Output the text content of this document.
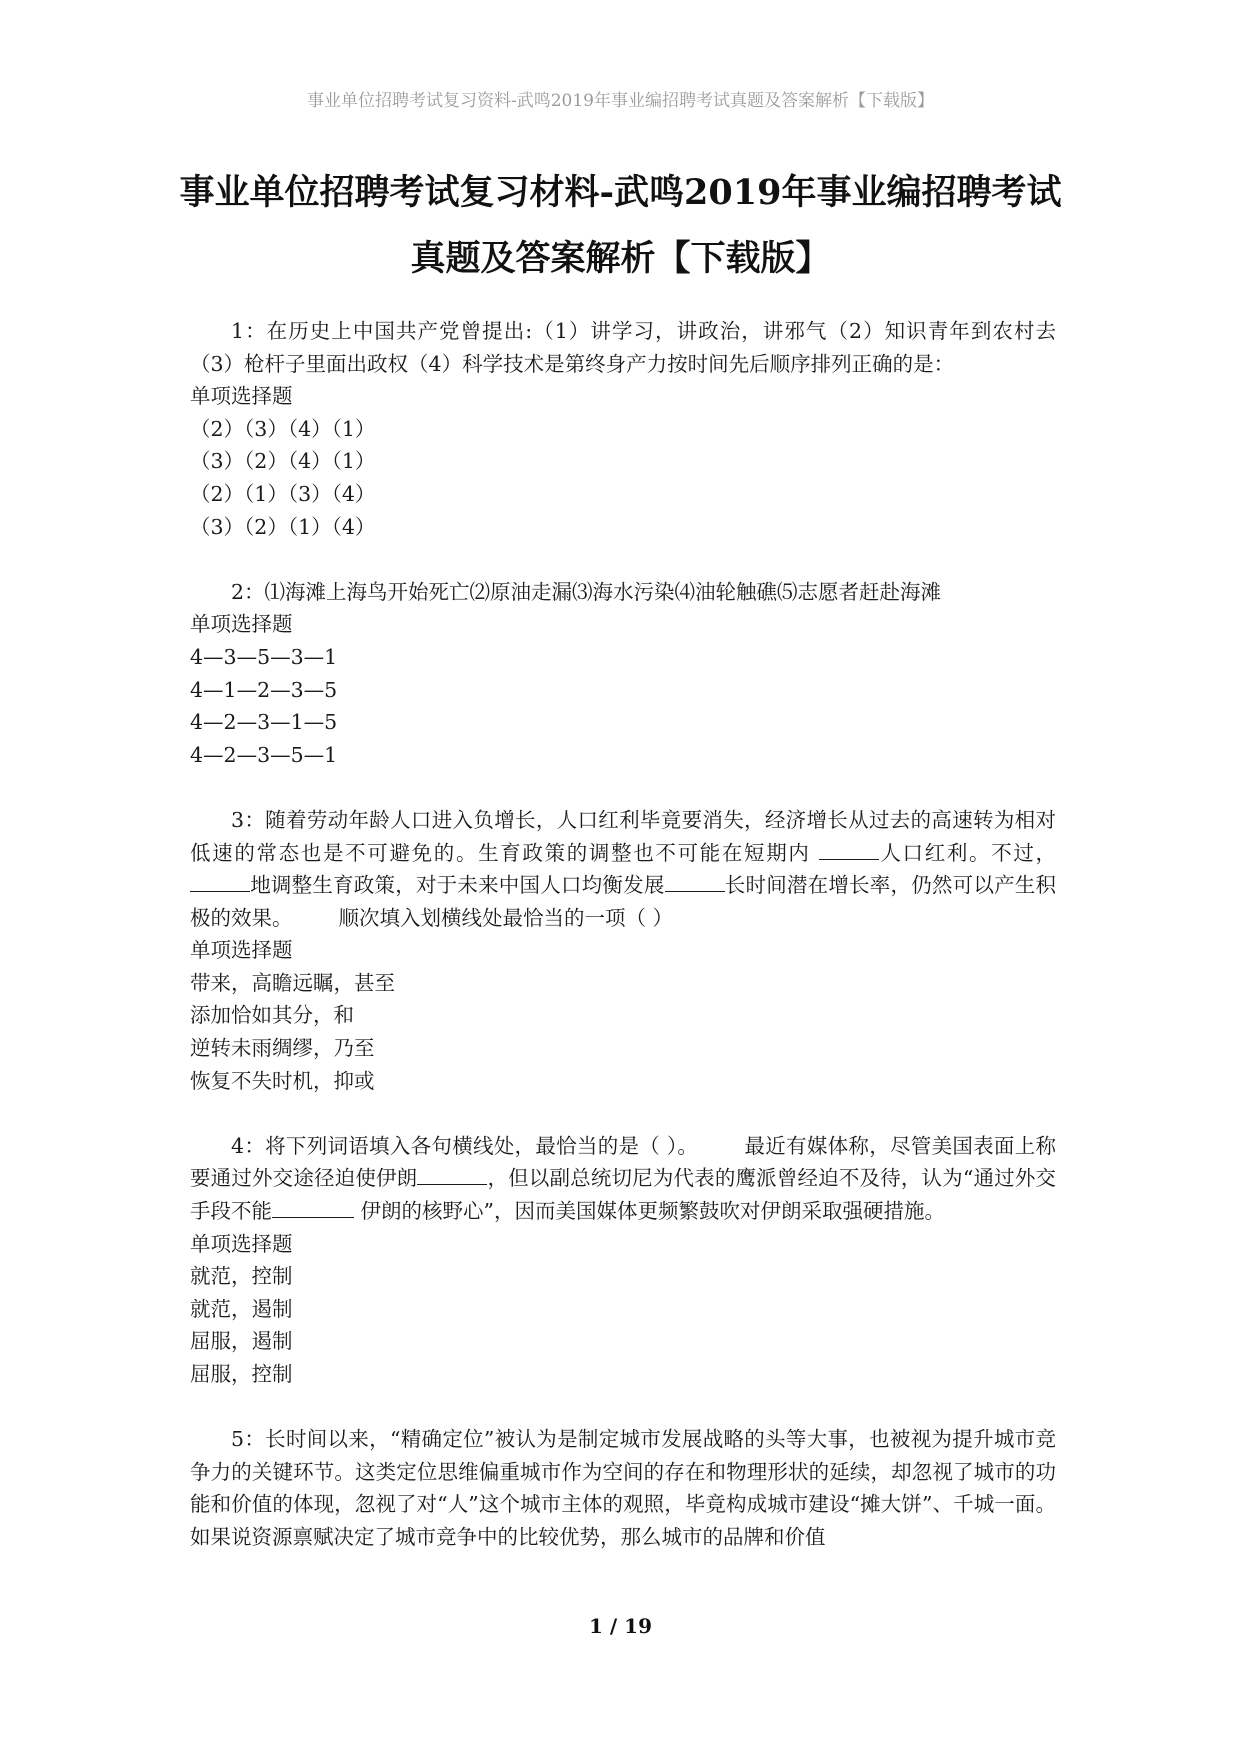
事业单位招聘考试复习资料-武鸣2019年事业编招聘考试真题及答案解析【下载版】
事业单位招聘考试复习材料-武鸣2019年事业编招聘考试
真题及答案解析【下载版】
1：在历史上中国共产党曾提出:（1）讲学习，讲政治，讲邪气（2）知识青年到农村去（3）枪杆子里面出政权（4）科学技术是第终身产力按时间先后顺序排列正确的是：
单项选择题
（2）（3）（4）（1）
（3）（2）（4）（1）
（2）（1）（3）（4）
（3）（2）（1）（4）
2：⑴海滩上海鸟开始死亡⑵原油走漏⑶海水污染⑷油轮触礁⑸志愿者赶赴海滩
单项选择题
4—3—5—3—1
4—1—2—3—5
4—2—3—1—5
4—2—3—5—1
3：随着劳动年龄人口进入负增长，人口红利毕竟要消失，经济增长从过去的高速转为相对低速的常态也是不可避免的。生育政策的调整也不可能在短期内	人口红利。不过， 地调整生育政策，对于未来中国人口均衡发展	长时间潜在增长率，仍然可以产生积极的效果。 顺次填入划横线处最恰当的一项（ ）
单项选择题
带来，高瞻远瞩，甚至
添加恰如其分，和
逆转未雨绸缪，乃至
恢复不失时机，抑或
4：将下列词语填入各句横线处，最恰当的是（ ）。 最近有媒体称，尽管美国表面上称要通过外交途径迫使伊朗	，但以副总统切尼为代表的鹰派曾经迫不及待，认为“通过外交手段不能	伊朗的核野心”，因而美国媒体更频繁鼓吹对伊朗采取强硬措施。
单项选择题
就范，控制
就范，遏制
屈服，遏制
屈服，控制
5：长时间以来，“精确定位”被认为是制定城市发展战略的头等大事，也被视为提升城市竞争力的关键环节。这类定位思维偏重城市作为空间的存在和物理形状的延续，却忽视了城市的功能和价值的体现，忽视了对“人”这个城市主体的观照，毕竟构成城市建设“摊大饼”、千城一面。如果说资源禀赋决定了城市竞争中的比较优势，那么城市的品牌和价值
1 / 19
